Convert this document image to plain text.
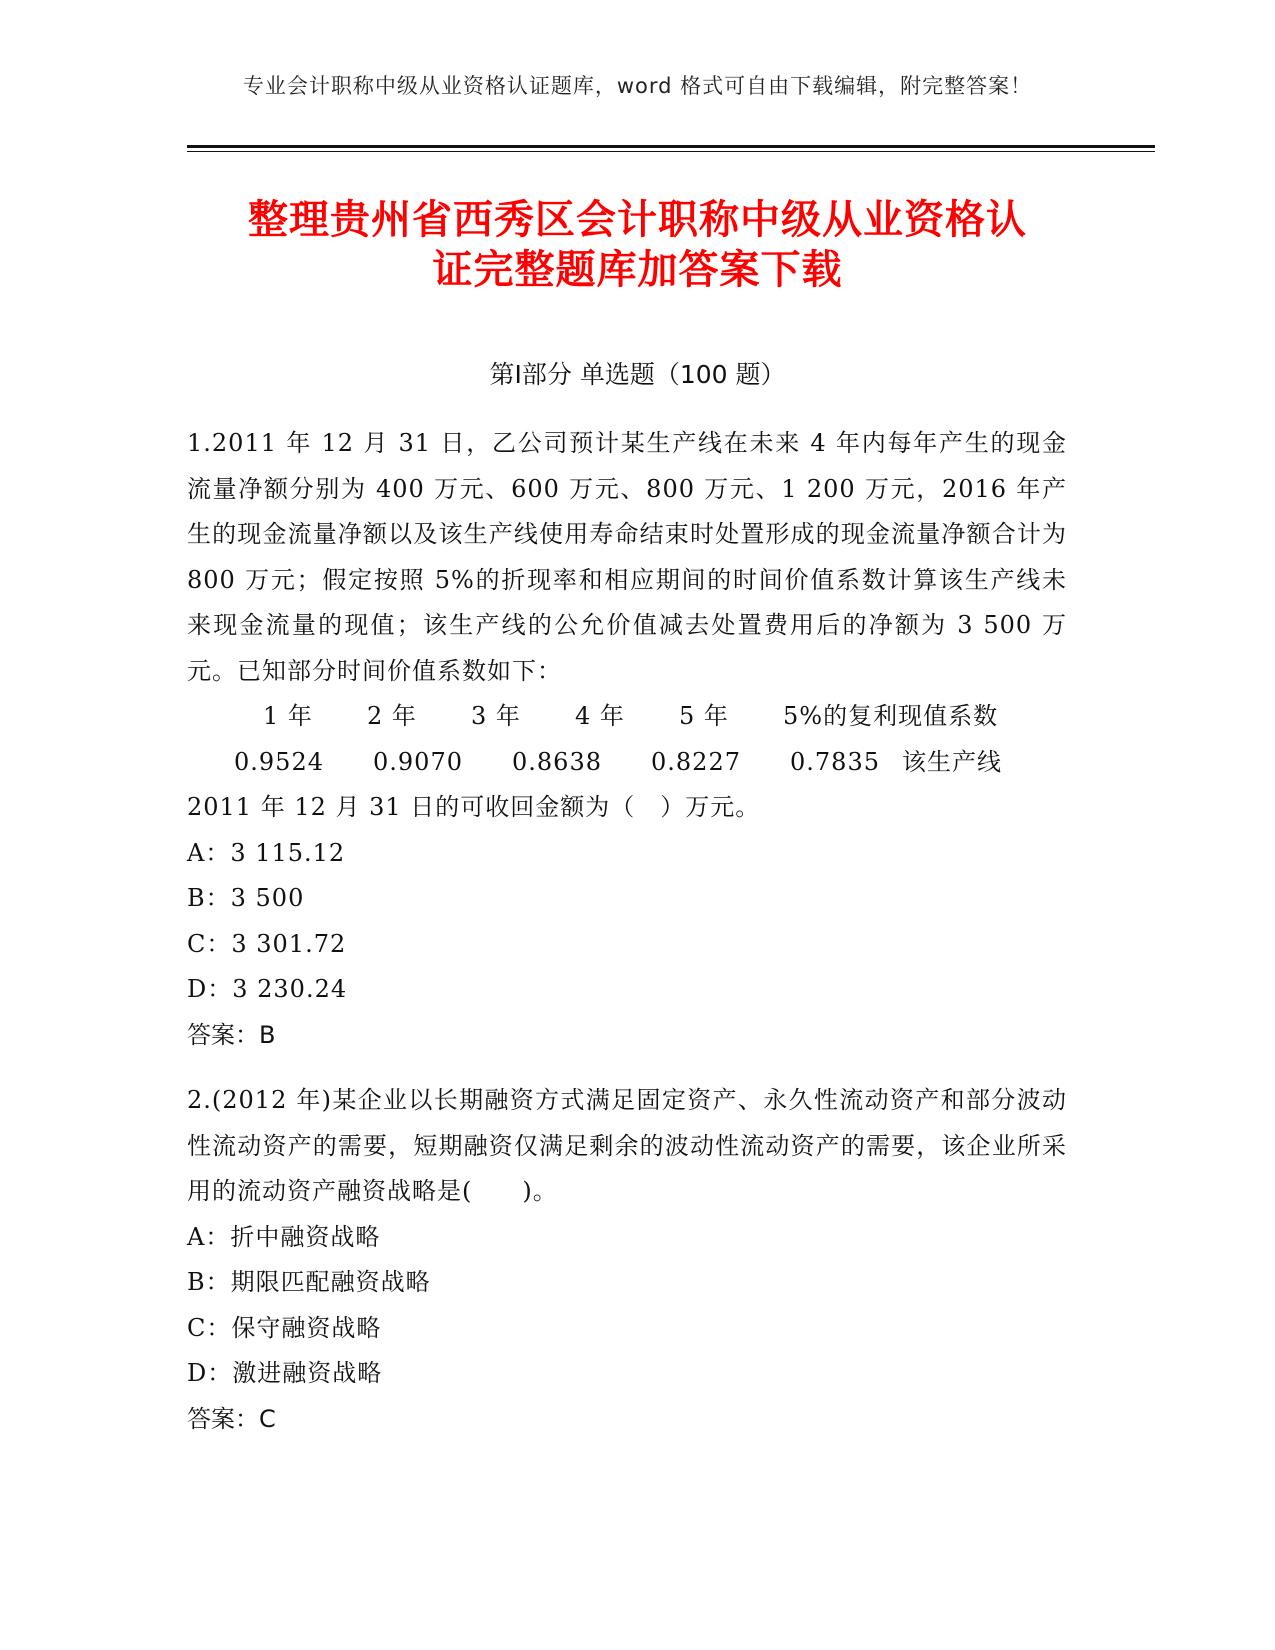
专业会计职称中级从业资格认证题库，word 格式可自由下载编辑，附完整答案！
整理贵州省西秀区会计职称中级从业资格认
证完整题库加答案下载
第Ⅰ部分 单选题（100 题）
1.2011 年 12 月 31 日，乙公司预计某生产线在未来 4 年内每年产生的现金流量净额分别为 400 万元、600 万元、800 万元、1 200 万元，2016 年产生的现金流量净额以及该生产线使用寿命结束时处置形成的现金流量净额合计为 800 万元；假定按照 5%的折现率和相应期间的时间价值系数计算该生产线未来现金流量的现值；该生产线的公允价值减去处置费用后的净额为 3 500 万元。已知部分时间价值系数如下：
1 年	2 年	3 年	4 年	5 年	5%的复利现值系数
0.9524	0.9070	0.8638	0.8227	0.7835 该生产线
2011 年 12 月 31 日的可收回金额为（　）万元。
A：3 115.12
B：3 500
C：3 301.72
D：3 230.24
答案：B
2.(2012 年)某企业以长期融资方式满足固定资产、永久性流动资产和部分波动性流动资产的需要，短期融资仅满足剩余的波动性流动资产的需要，该企业所采用的流动资产融资战略是(　　)。
A：折中融资战略
B：期限匹配融资战略
C：保守融资战略
D：激进融资战略
答案：C
